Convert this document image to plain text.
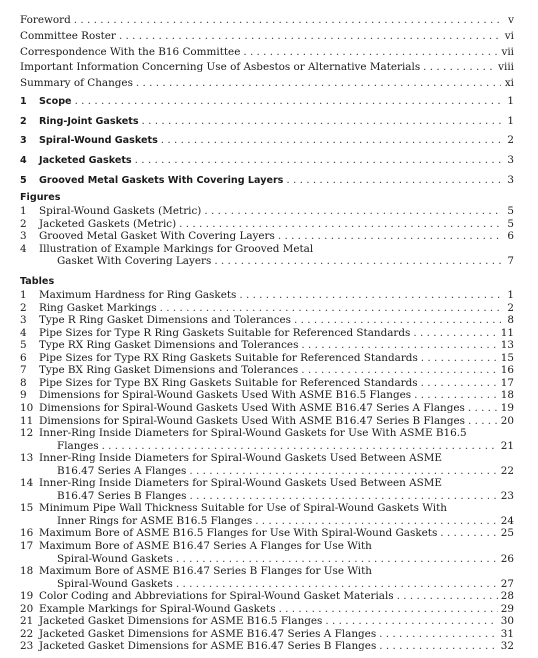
Foreword . . .	v
Committee Roster . . .	vi
Correspondence With the B16 Committee . . .	vii
Important Information Concerning Use of Asbestos or Alternative Materials . . .	viii
Summary of Changes . . .	xi
1	Scope . . .	1
2	Ring-Joint Gaskets . . .	1
3	Spiral-Wound Gaskets . . .	2
4	Jacketed Gaskets . . .	3
5	Grooved Metal Gaskets With Covering Layers . . .	3
Figures
1	Spiral-Wound Gaskets (Metric) . . .	5
2	Jacketed Gaskets (Metric) . . .	5
3	Grooved Metal Gasket With Covering Layers . . .	6
4	Illustration of Example Markings for Grooved Metal
Gasket With Covering Layers . . .	7
Tables
1	Maximum Hardness for Ring Gaskets . . .	1
2	Ring Gasket Markings . . .	2
3	Type R Ring Gasket Dimensions and Tolerances . . .	8
4	Pipe Sizes for Type R Ring Gaskets Suitable for Referenced Standards . . .	11
5	Type RX Ring Gasket Dimensions and Tolerances . . .	13
6	Pipe Sizes for Type RX Ring Gaskets Suitable for Referenced Standards . . .	15
7	Type BX Ring Gasket Dimensions and Tolerances . . .	16
8	Pipe Sizes for Type BX Ring Gaskets Suitable for Referenced Standards . . .	17
9	Dimensions for Spiral-Wound Gaskets Used With ASME B16.5 Flanges . . .	18
10 Dimensions for Spiral-Wound Gaskets Used With ASME B16.47 Series A Flanges . . .	19
11 Dimensions for Spiral-Wound Gaskets Used With ASME B16.47 Series B Flanges . . .	20
12 Inner-Ring Inside Diameters for Spiral-Wound Gaskets for Use With ASME B16.5
Flanges . . .	21
13 Inner-Ring Inside Diameters for Spiral-Wound Gaskets Used Between ASME
B16.47 Series A Flanges . . .	22
14 Inner-Ring Inside Diameters for Spiral-Wound Gaskets Used Between ASME
B16.47 Series B Flanges . . .	23
15 Minimum Pipe Wall Thickness Suitable for Use of Spiral-Wound Gaskets With
Inner Rings for ASME B16.5 Flanges . . .	24
16 Maximum Bore of ASME B16.5 Flanges for Use With Spiral-Wound Gaskets . . .	25
17 Maximum Bore of ASME B16.47 Series A Flanges for Use With
Spiral-Wound Gaskets . . .	26
18 Maximum Bore of ASME B16.47 Series B Flanges for Use With
Spiral-Wound Gaskets . . .	27
19 Color Coding and Abbreviations for Spiral-Wound Gasket Materials . . .	28
20 Example Markings for Spiral-Wound Gaskets . . .	29
21 Jacketed Gasket Dimensions for ASME B16.5 Flanges . . .	30
22 Jacketed Gasket Dimensions for ASME B16.47 Series A Flanges . . .	31
23 Jacketed Gasket Dimensions for ASME B16.47 Series B Flanges . . .	32
